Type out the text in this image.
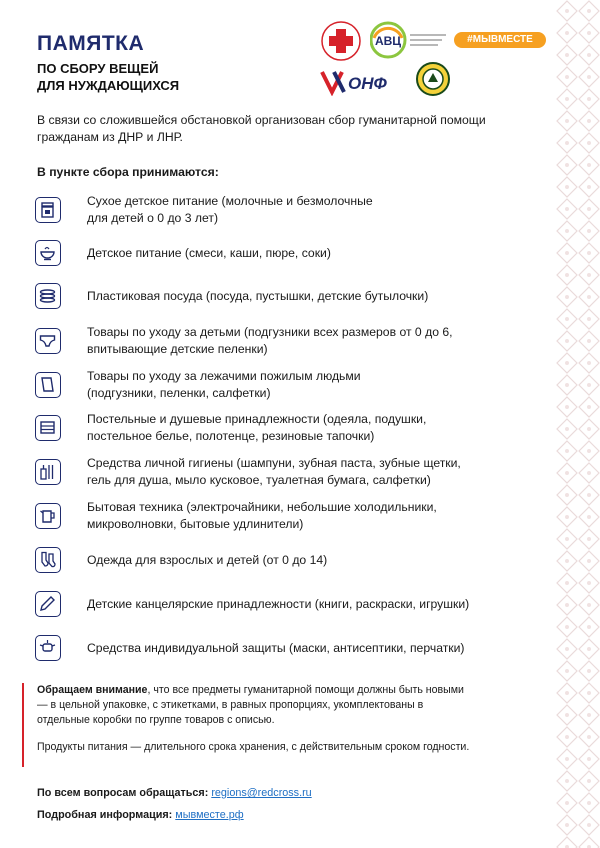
ПАМЯТКА
ПО СБОРУ ВЕЩЕЙ
ДЛЯ НУЖДАЮЩИХСЯ
АВЦ	#МЫВМЕСТЕ
ОНФ
В связи со сложившейся обстановкой организован сбор гуманитарной помощи гражданам из ДНР и ЛНР.
В пункте сбора принимаются:
Сухое детское питание (молочные и безмолочные
для детей о 0 до 3 лет)
Детское питание (смеси, каши, пюре, соки)
Пластиковая посуда (посуда, пустышки, детские бутылочки)
Товары по уходу за детьми (подгузники всех размеров от 0 до 6,
впитывающие детские пеленки)
Товары по уходу за лежачими пожилым людьми
(подгузники, пеленки, салфетки)
Постельные и душевые принадлежности (одеяла, подушки,
постельное белье, полотенце, резиновые тапочки)
Средства личной гигиены (шампуни, зубная паста, зубные щетки,
гель для душа, мыло кусковое, туалетная бумага, салфетки)
Бытовая техника (электрочайники, небольшие холодильники,
микроволновки, бытовые удлинители)
Одежда для взрослых и детей (от 0 до 14)
Детские канцелярские принадлежности (книги, раскраски, игрушки)
Средства индивидуальной защиты (маски, антисептики, перчатки)

Обращаем внимание, что все предметы гуманитарной помощи должны быть новыми — в цельной упаковке, с этикетками, в равных пропорциях, укомплектованы в отдельные коробки по группе товаров с описью.

Продукты питания — длительного срока хранения, с действительным сроком годности.

По всем вопросам обращаться: regions@redcross.ru
Подробная информация: мывместе.рф
